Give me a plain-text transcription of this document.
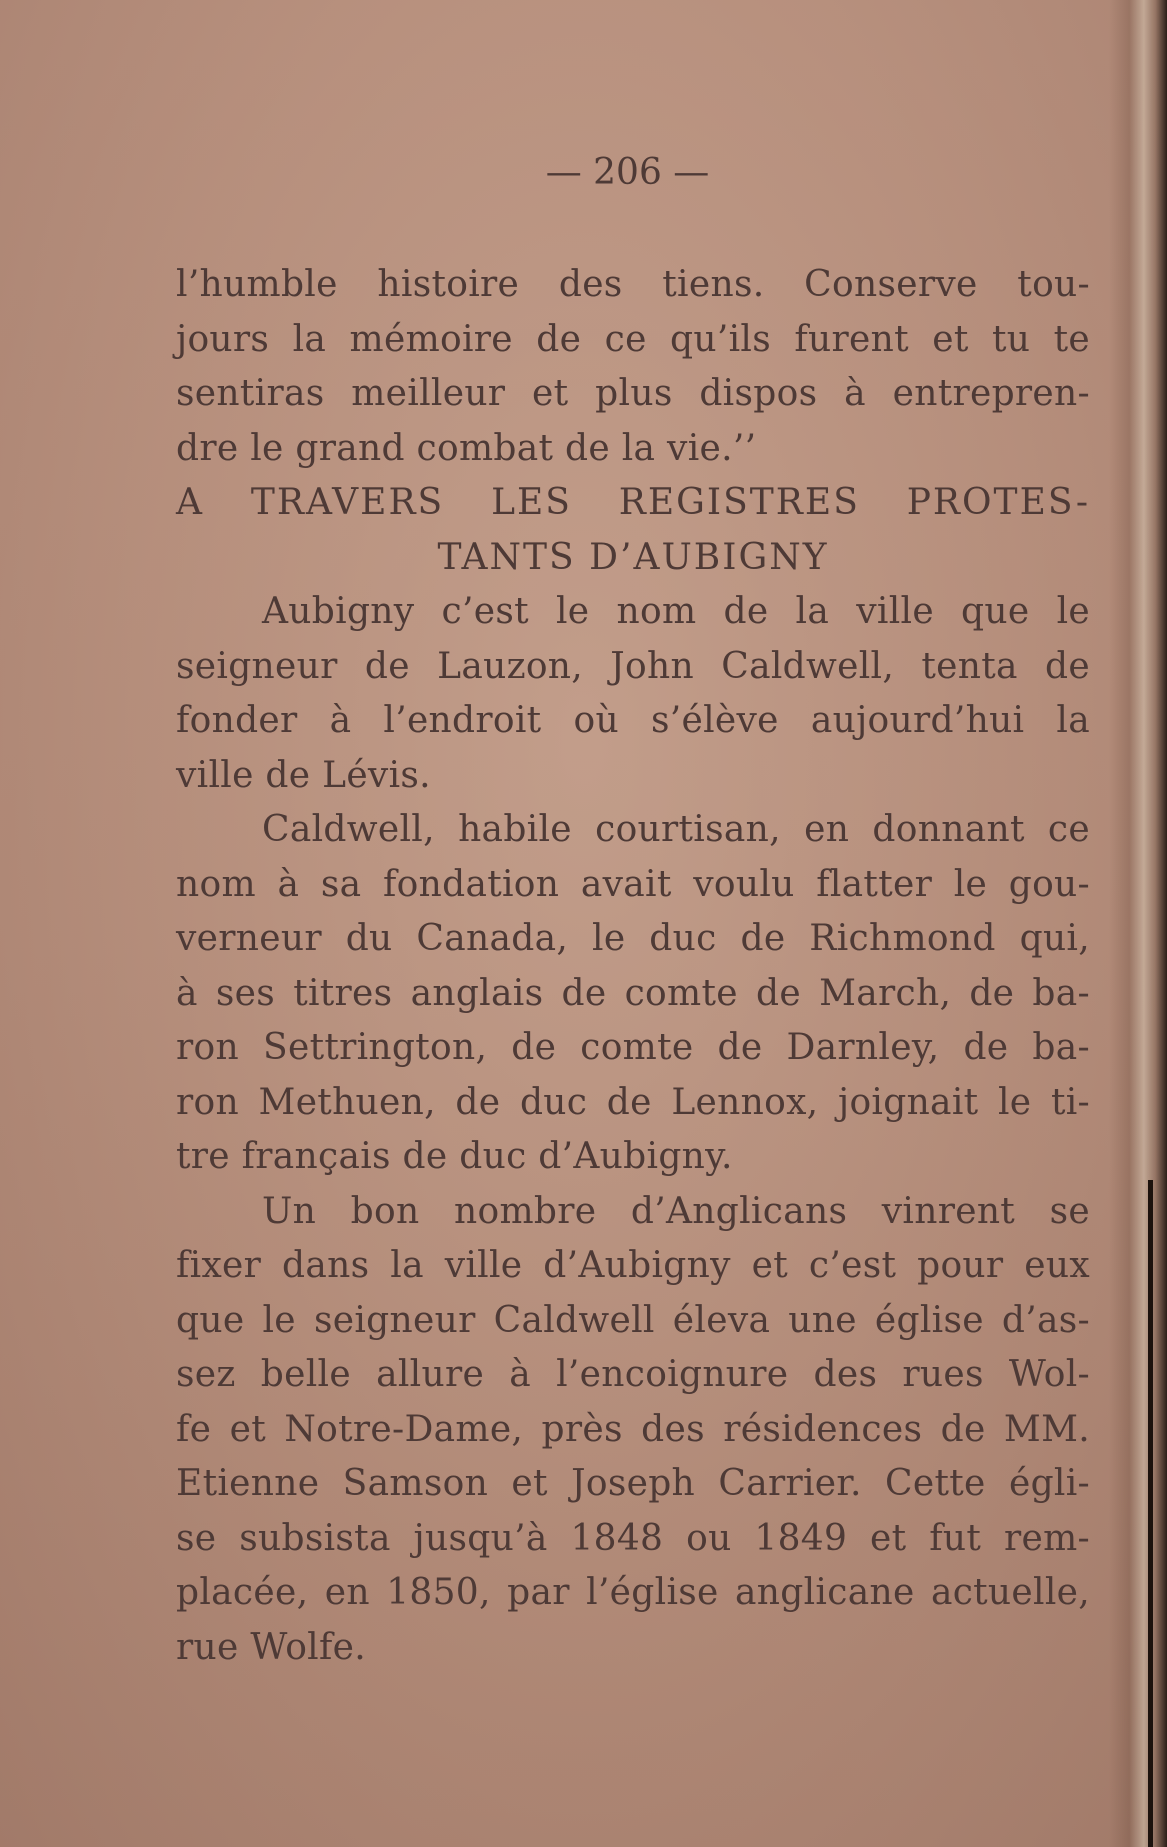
— 206 —
l’humble histoire des tiens. Conserve tou-
jours la mémoire de ce qu’ils furent et tu te
sentiras meilleur et plus dispos à entrepren-
dre le grand combat de la vie.’’
A TRAVERS LES REGISTRES PROTES-
TANTS D’AUBIGNY
Aubigny c’est le nom de la ville que le
seigneur de Lauzon, John Caldwell, tenta de
fonder à l’endroit où s’élève aujourd’hui la
ville de Lévis.
Caldwell, habile courtisan, en donnant ce
nom à sa fondation avait voulu flatter le gou-
verneur du Canada, le duc de Richmond qui,
à ses titres anglais de comte de March, de ba-
ron Settrington, de comte de Darnley, de ba-
ron Methuen, de duc de Lennox, joignait le ti-
tre français de duc d’Aubigny.
Un bon nombre d’Anglicans vinrent se
fixer dans la ville d’Aubigny et c’est pour eux
que le seigneur Caldwell éleva une église d’as-
sez belle allure à l’encoignure des rues Wol-
fe et Notre-Dame, près des résidences de MM.
Etienne Samson et Joseph Carrier. Cette égli-
se subsista jusqu’à 1848 ou 1849 et fut rem-
placée, en 1850, par l’église anglicane actuelle,
rue Wolfe.
